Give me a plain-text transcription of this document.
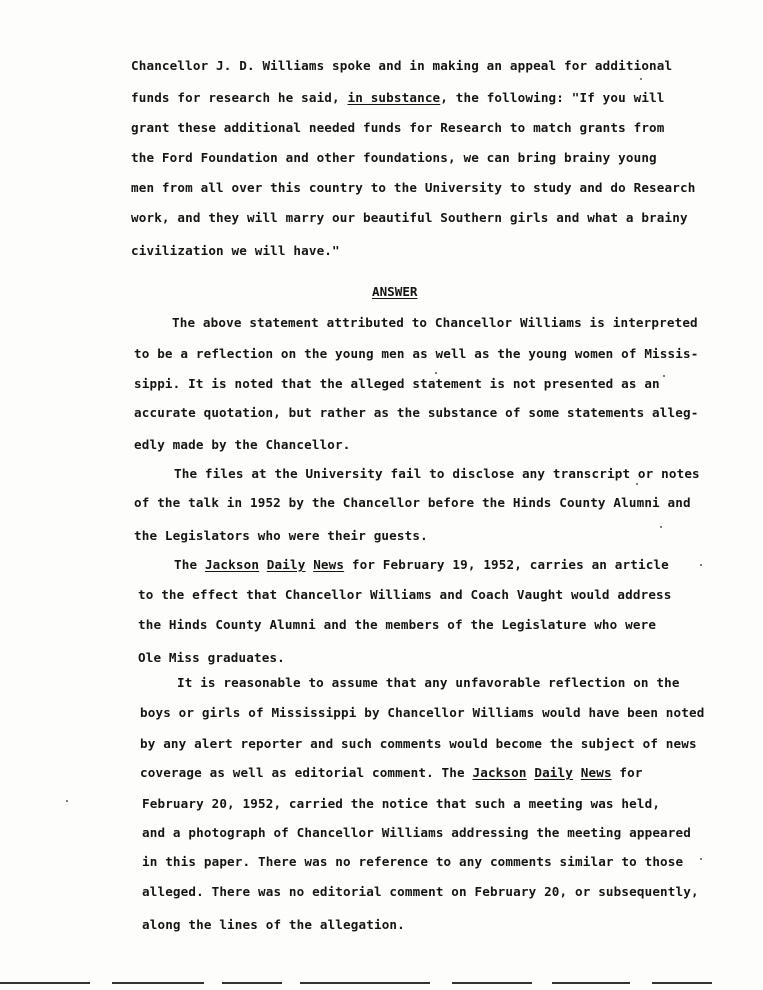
Chancellor J. D. Williams spoke and in making an appeal for additional
funds for research he said, in substance, the following: "If you will
grant these additional needed funds for Research to match grants from
the Ford Foundation and other foundations, we can bring brainy young
men from all over this country to the University to study and do Research
work, and they will marry our beautiful Southern girls and what a brainy
civilization we will have."
ANSWER
The above statement attributed to Chancellor Williams is interpreted
to be a reflection on the young men as well as the young women of Missis-
sippi. It is noted that the alleged statement is not presented as an
accurate quotation, but rather as the substance of some statements alleg-
edly made by the Chancellor.
The files at the University fail to disclose any transcript or notes
of the talk in 1952 by the Chancellor before the Hinds County Alumni and
the Legislators who were their guests.
The Jackson Daily News for February 19, 1952, carries an article
to the effect that Chancellor Williams and Coach Vaught would address
the Hinds County Alumni and the members of the Legislature who were
Ole Miss graduates.
It is reasonable to assume that any unfavorable reflection on the
boys or girls of Mississippi by Chancellor Williams would have been noted
by any alert reporter and such comments would become the subject of news
coverage as well as editorial comment. The Jackson Daily News for
February 20, 1952, carried the notice that such a meeting was held,
and a photograph of Chancellor Williams addressing the meeting appeared
in this paper. There was no reference to any comments similar to those
alleged. There was no editorial comment on February 20, or subsequently,
along the lines of the allegation.
